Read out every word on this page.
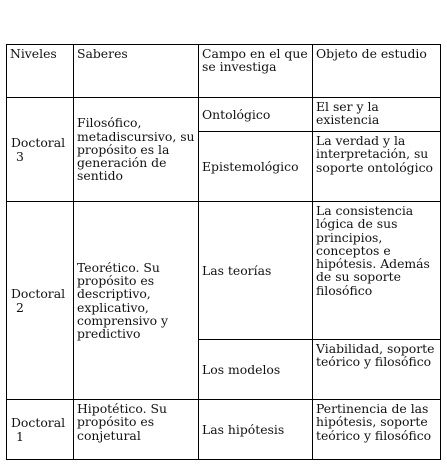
Niveles	Saberes	Campo en el que se investiga	Objeto de estudio
Doctoral
3	Filosófico, metadiscursivo, su propósito es la generación de sentido	Ontológico	El ser y la existencia
		Epistemológico	La verdad y la interpretación, su soporte ontológico
Doctoral
2	Teorético. Su propósito es descriptivo, explicativo, comprensivo y predictivo	Las teorías	La consistencia lógica de sus principios, conceptos e hipótesis. Además de su soporte filosófico
		Los modelos	Viabilidad, soporte teórico y filosófico
Doctoral
1	Hipotético. Su propósito es conjetural	Las hipótesis	Pertinencia de las hipótesis, soporte teórico y filosófico
